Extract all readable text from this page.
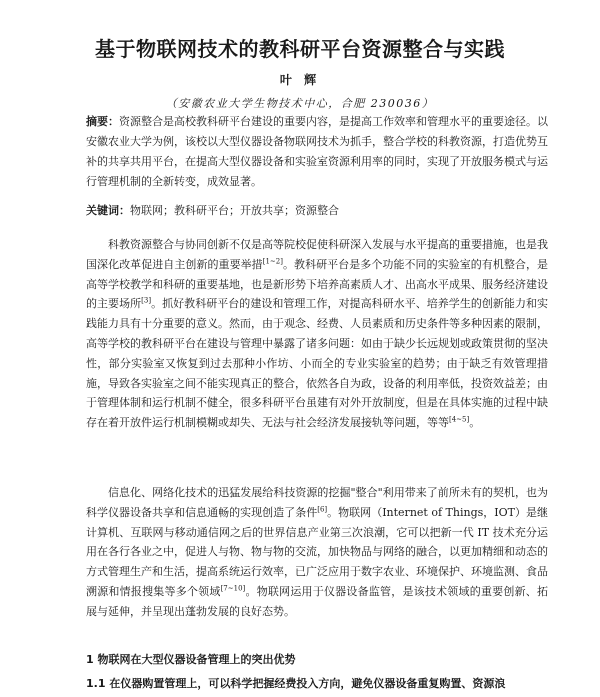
基于物联网技术的教科研平台资源整合与实践
叶 辉
（安徽农业大学生物技术中心，合肥 230036）

摘要：资源整合是高校教科研平台建设的重要内容，是提高工作效率和管理水平的重要途径。以安徽农业大学为例，该校以大型仪器设备物联网技术为抓手，整合学校的科教资源，打造优势互补的共享共用平台，在提高大型仪器设备和实验室资源利用率的同时，实现了开放服务模式与运行管理机制的全新转变，成效显著。

关键词：物联网；教科研平台；开放共享；资源整合

科教资源整合与协同创新不仅是高等院校促使科研深入发展与水平提高的重要措施，也是我国深化改革促进自主创新的重要举措[1~2]。教科研平台是多个功能不同的实验室的有机整合，是高等学校教学和科研的重要基地，也是新形势下培养高素质人才、出高水平成果、服务经济建设的主要场所[3]。抓好教科研平台的建设和管理工作，对提高科研水平、培养学生的创新能力和实践能力具有十分重要的意义。然而，由于观念、经费、人员素质和历史条件等多种因素的限制，高等学校的教科研平台在建设与管理中暴露了诸多问题：如由于缺少长远规划或政策贯彻的坚决性，部分实验室又恢复到过去那种小作坊、小而全的专业实验室的趋势；由于缺乏有效管理措施，导致各实验室之间不能实现真正的整合，依然各自为政，设备的利用率低，投资效益差；由于管理体制和运行机制不健全，很多科研平台虽建有对外开放制度，但是在具体实施的过程中缺存在着开放件运行机制模糊或却失、无法与社会经济发展接轨等问题，等等[4~5]。

信息化、网络化技术的迅猛发展给科技资源的挖掘"整合"利用带来了前所未有的契机，也为科学仪器设备共享和信息通畅的实现创造了条件[6]。物联网（Internet of Things，IOT）是继计算机、互联网与移动通信网之后的世界信息产业第三次浪潮，它可以把新一代 IT 技术充分运用在各行各业之中，促进人与物、物与物的交流，加快物品与网络的融合，以更加精细和动态的方式管理生产和生活，提高系统运行效率，已广泛应用于数字农业、环境保护、环境监测、食品溯源和情报搜集等多个领域[7~10]。物联网运用于仪器设备监管，是该技术领域的重要创新、拓展与延伸，并呈现出蓬勃发展的良好态势。

1 物联网在大型仪器设备管理上的突出优势

1.1 在仪器购置管理上，可以科学把握经费投入方向，避免仪器设备重复购置、资源浪
